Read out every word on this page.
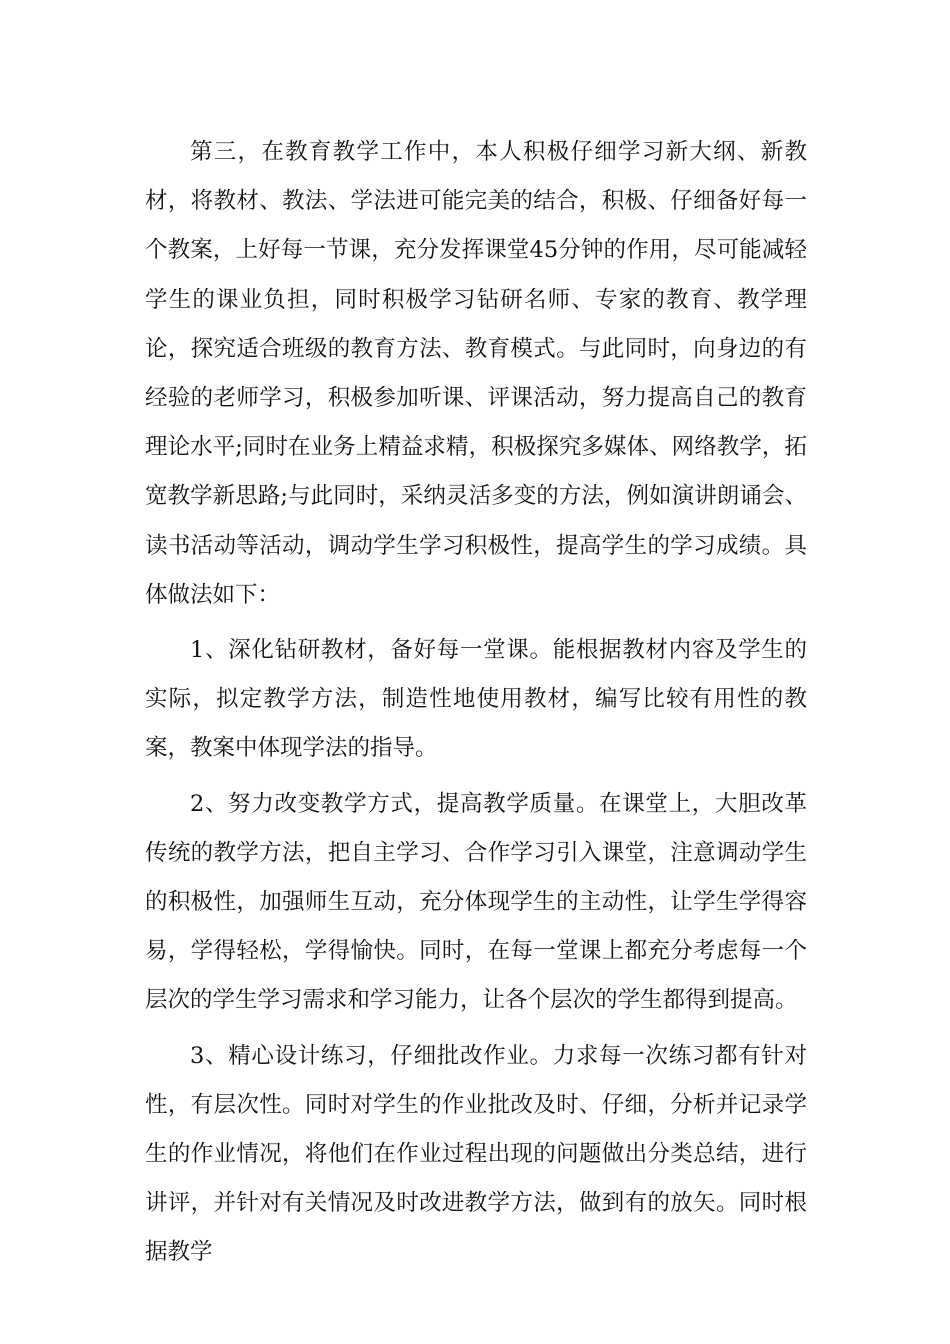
第三，在教育教学工作中，本人积极仔细学习新大纲、新教材，将教材、教法、学法进可能完美的结合，积极、仔细备好每一个教案，上好每一节课，充分发挥课堂45分钟的作用，尽可能减轻学生的课业负担，同时积极学习钻研名师、专家的教育、教学理论，探究适合班级的教育方法、教育模式。与此同时，向身边的有经验的老师学习，积极参加听课、评课活动，努力提高自己的教育理论水平;同时在业务上精益求精，积极探究多媒体、网络教学，拓宽教学新思路;与此同时，采纳灵活多变的方法，例如演讲朗诵会、读书活动等活动，调动学生学习积极性，提高学生的学习成绩。具体做法如下：

1、深化钻研教材，备好每一堂课。能根据教材内容及学生的实际，拟定教学方法，制造性地使用教材，编写比较有用性的教案，教案中体现学法的指导。

2、努力改变教学方式，提高教学质量。在课堂上，大胆改革传统的教学方法，把自主学习、合作学习引入课堂，注意调动学生的积极性，加强师生互动，充分体现学生的主动性，让学生学得容易，学得轻松，学得愉快。同时，在每一堂课上都充分考虑每一个层次的学生学习需求和学习能力，让各个层次的学生都得到提高。

3、精心设计练习，仔细批改作业。力求每一次练习都有针对性，有层次性。同时对学生的作业批改及时、仔细，分析并记录学生的作业情况，将他们在作业过程出现的问题做出分类总结，进行讲评，并针对有关情况及时改进教学方法，做到有的放矢。同时根据教学
